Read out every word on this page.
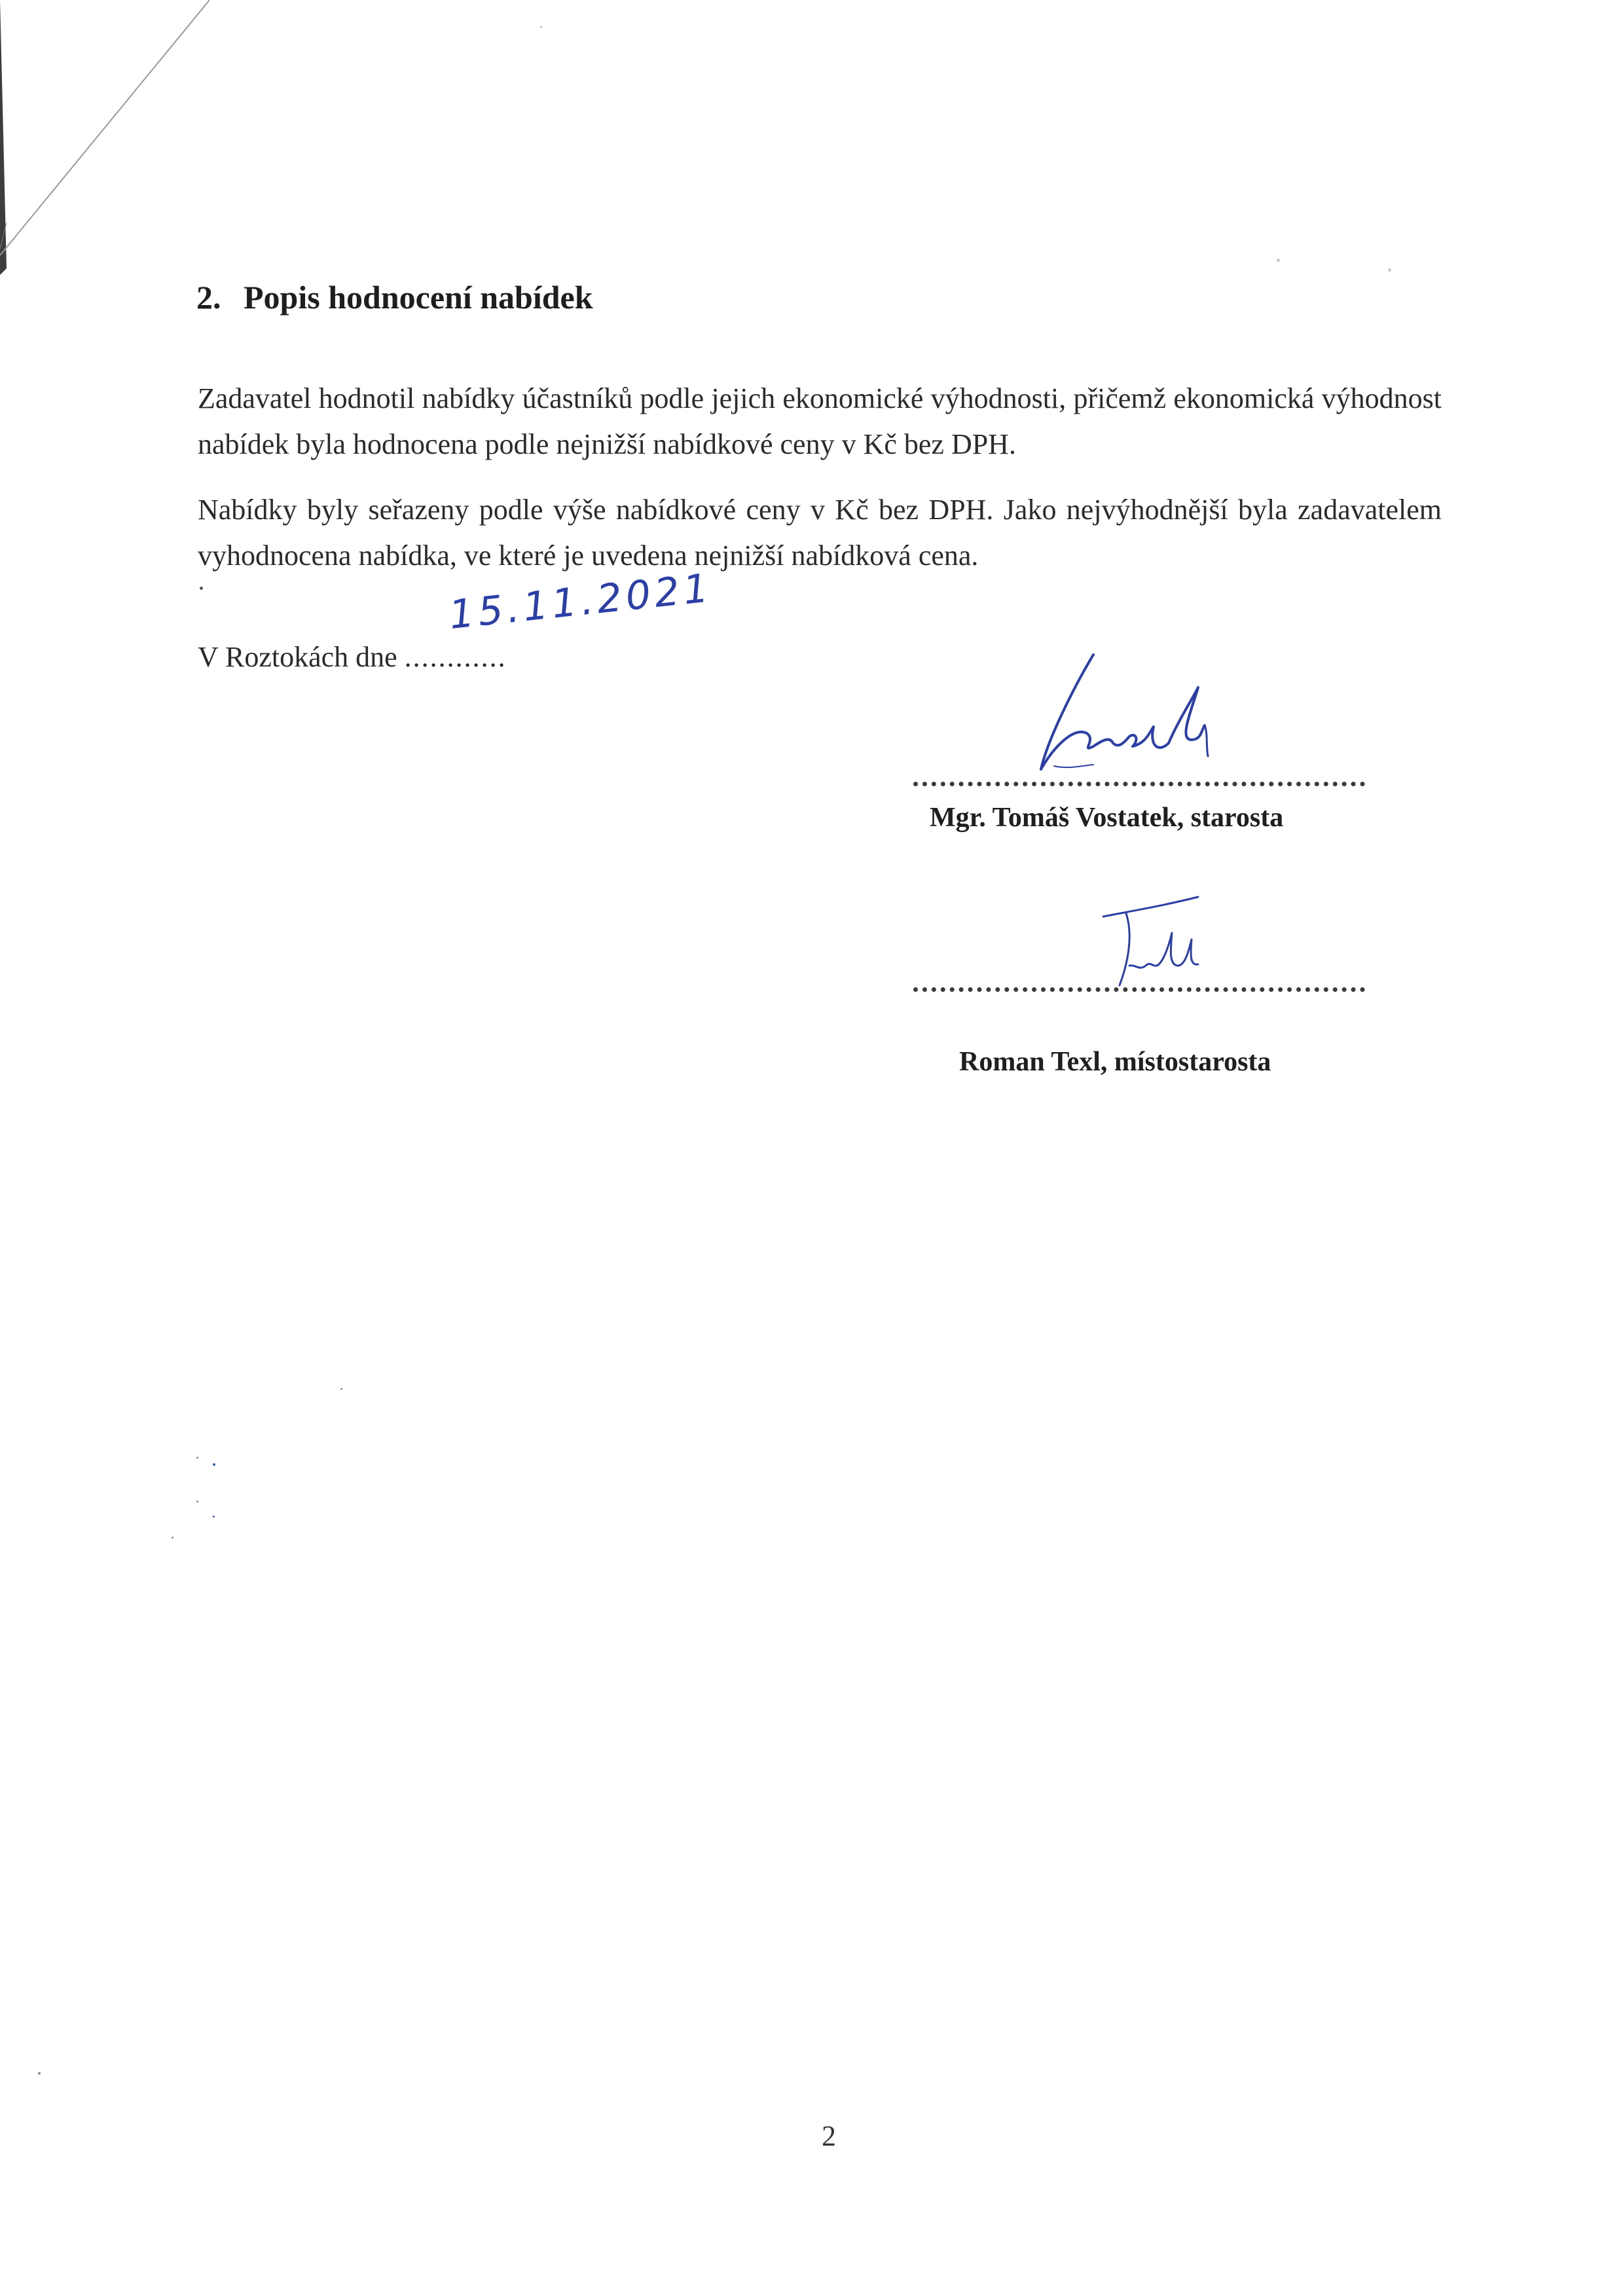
2. Popis hodnocení nabídek

Zadavatel hodnotil nabídky účastníků podle jejich ekonomické výhodnosti, přičemž ekonomická výhodnost nabídek byla hodnocena podle nejnižší nabídkové ceny v Kč bez DPH.

Nabídky byly seřazeny podle výše nabídkové ceny v Kč bez DPH. Jako nejvýhodnější byla zadavatelem vyhodnocena nabídka, ve které je uvedena nejnižší nabídková cena.

V Roztokách dne ............
15.11.2021
Mgr. Tomáš Vostatek, starosta
Roman Texl, místostarosta
2
